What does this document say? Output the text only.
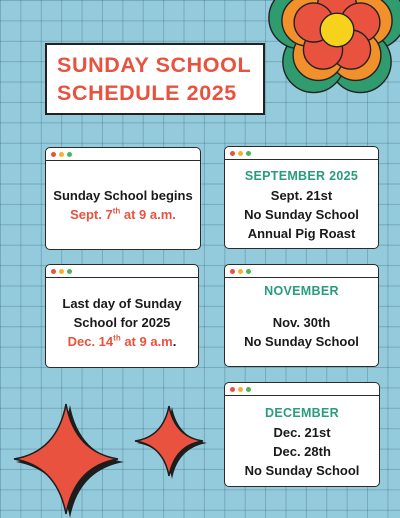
SUNDAY SCHOOL
SCHEDULE 2025
Sunday School begins
Sept. 7th at 9 a.m.
Last day of Sunday
School for 2025
Dec. 14th at 9 a.m.
SEPTEMBER 2025
Sept. 21st
No Sunday School
Annual Pig Roast
NOVEMBER
Nov. 30th
No Sunday School
DECEMBER
Dec. 21st
Dec. 28th
No Sunday School
